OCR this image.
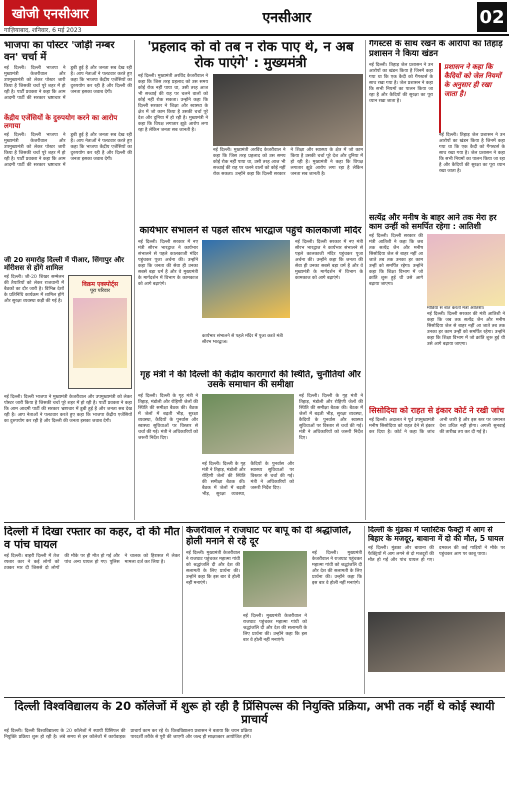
खोजी एनसीआर
गाज़ियाबाद, शनिवार, 6 मई 2023
एनसीआर	02
भाजपा का पोस्टर 'जोड़ी नम्बर वन' चर्चा में
नई दिल्ली। दिल्ली भाजपा ने मुख्यमंत्री केजरीवाल और उपमुख्यमंत्री को लेकर पोस्टर जारी किया है जिसकी चर्चा पूरे शहर में हो रही है। पार्टी प्रवक्ता ने कहा कि आम आदमी पार्टी की सरकार भ्रष्टाचार में डूबी हुई है और जनता सब देख रही है। आप नेताओं ने पलटवार करते हुए कहा कि भाजपा केंद्रीय एजेंसियों का दुरुपयोग कर रही है और दिल्ली की जनता इसका जवाब देगी।
केंद्रीय एजेंसियों के दुरुपयोग करने का आरोप लगाया
नई दिल्ली। दिल्ली भाजपा ने मुख्यमंत्री केजरीवाल और उपमुख्यमंत्री को लेकर पोस्टर जारी किया है जिसकी चर्चा पूरे शहर में हो रही है। पार्टी प्रवक्ता ने कहा कि आम आदमी पार्टी की सरकार भ्रष्टाचार में डूबी हुई है और जनता सब देख रही है। आप नेताओं ने पलटवार करते हुए कहा कि भाजपा केंद्रीय एजेंसियों का दुरुपयोग कर रही है और दिल्ली की जनता इसका जवाब देगी।
जी 20 समारोह दिल्ली में पीआर, सिंगापुर और मॉरीशस से होंगे शामिल
नई दिल्ली। जी-20 शिखर सम्मेलन की तैयारियों को लेकर राजधानी में बैठकों का दौर जारी है। विभिन्न देशों के प्रतिनिधि कार्यक्रम में शामिल होंगे और सुरक्षा व्यवस्था कड़ी की गई है।
विक्रम एक्स्पोर्ट्स
पूरा परिवार
नई दिल्ली। दिल्ली भाजपा ने मुख्यमंत्री केजरीवाल और उपमुख्यमंत्री को लेकर पोस्टर जारी किया है जिसकी चर्चा पूरे शहर में हो रही है। पार्टी प्रवक्ता ने कहा कि आम आदमी पार्टी की सरकार भ्रष्टाचार में डूबी हुई है और जनता सब देख रही है। आप नेताओं ने पलटवार करते हुए कहा कि भाजपा केंद्रीय एजेंसियों का दुरुपयोग कर रही है और दिल्ली की जनता इसका जवाब देगी।
'प्रहलाद को वो तब न रोक पाए थे, न अब रोक पाएंगे' : मुख्यमंत्री
नई दिल्ली। मुख्यमंत्री अरविंद केजरीवाल ने कहा कि जिस तरह प्रहलाद को उस समय कोई रोक नहीं पाया था, उसी तरह आज भी सच्चाई की राह पर चलने वालों को कोई नहीं रोक सकता। उन्होंने कहा कि दिल्ली सरकार ने शिक्षा और स्वास्थ्य के क्षेत्र में जो काम किया है उसकी चर्चा पूरे देश और दुनिया में हो रही है। मुख्यमंत्री ने कहा कि विपक्ष लगातार झूठे आरोप लगा रहा है लेकिन जनता सब जानती है।
नई दिल्ली। मुख्यमंत्री अरविंद केजरीवाल ने कहा कि जिस तरह प्रहलाद को उस समय कोई रोक नहीं पाया था, उसी तरह आज भी सच्चाई की राह पर चलने वालों को कोई नहीं रोक सकता। उन्होंने कहा कि दिल्ली सरकार ने शिक्षा और स्वास्थ्य के क्षेत्र में जो काम किया है उसकी चर्चा पूरे देश और दुनिया में हो रही है। मुख्यमंत्री ने कहा कि विपक्ष लगातार झूठे आरोप लगा रहा है लेकिन जनता सब जानती है।
कार्यभार संभालने से पहले सौरभ भारद्वाज पहुंचे कालकाजी मंदिर
नई दिल्ली। दिल्ली सरकार में नए मंत्री सौरभ भारद्वाज ने कार्यभार संभालने से पहले कालकाजी मंदिर पहुंचकर पूजा अर्चना की। उन्होंने कहा कि जनता की सेवा ही उनका सबसे बड़ा धर्म है और वे मुख्यमंत्री के मार्गदर्शन में विभाग के कामकाज को आगे बढ़ाएंगे।
नई दिल्ली। दिल्ली सरकार में नए मंत्री सौरभ भारद्वाज ने कार्यभार संभालने से पहले कालकाजी मंदिर पहुंचकर पूजा अर्चना की। उन्होंने कहा कि जनता की सेवा ही उनका सबसे बड़ा धर्म है और वे मुख्यमंत्री के मार्गदर्शन में विभाग के कामकाज को आगे बढ़ाएंगे।
कार्यभार संभालने से पहले मंदिर में पूजा करते मंत्री सौरभ भारद्वाज।
गृह मंत्री ने की दिल्ली की केंद्रीय कारागारों की स्थिति, चुनौतियों और उसके समाधान की समीक्षा
नई दिल्ली। दिल्ली के गृह मंत्री ने तिहाड़, मंडोली और रोहिणी जेलों की स्थिति की समीक्षा बैठक की। बैठक में जेलों में बढ़ती भीड़, सुरक्षा व्यवस्था, कैदियों के पुनर्वास और स्वास्थ्य सुविधाओं पर विस्तार से चर्चा की गई। मंत्री ने अधिकारियों को जरूरी निर्देश दिए।
नई दिल्ली। दिल्ली के गृह मंत्री ने तिहाड़, मंडोली और रोहिणी जेलों की स्थिति की समीक्षा बैठक की। बैठक में जेलों में बढ़ती भीड़, सुरक्षा व्यवस्था, कैदियों के पुनर्वास और स्वास्थ्य सुविधाओं पर विस्तार से चर्चा की गई। मंत्री ने अधिकारियों को जरूरी निर्देश दिए।
नई दिल्ली। दिल्ली के गृह मंत्री ने तिहाड़, मंडोली और रोहिणी जेलों की स्थिति की समीक्षा बैठक की। बैठक में जेलों में बढ़ती भीड़, सुरक्षा व्यवस्था, कैदियों के पुनर्वास और स्वास्थ्य सुविधाओं पर विस्तार से चर्चा की गई। मंत्री ने अधिकारियों को जरूरी निर्देश दिए।
गैंगस्टर्स के साथ रखने के आरोपों का तिहाड़ प्रशासन ने किया खंडन
नई दिल्ली। तिहाड़ जेल प्रशासन ने उन आरोपों का खंडन किया है जिनमें कहा गया था कि एक कैदी को गैंगस्टर्स के साथ रखा गया है। जेल प्रशासन ने कहा कि सभी नियमों का पालन किया जा रहा है और कैदियों की सुरक्षा का पूरा ध्यान रखा जाता है।
प्रशासन ने कहा कि कैदियों को जेल नियमों के अनुसार ही रखा जाता है।
नई दिल्ली। तिहाड़ जेल प्रशासन ने उन आरोपों का खंडन किया है जिनमें कहा गया था कि एक कैदी को गैंगस्टर्स के साथ रखा गया है। जेल प्रशासन ने कहा कि सभी नियमों का पालन किया जा रहा है और कैदियों की सुरक्षा का पूरा ध्यान रखा जाता है।
सत्येंद्र और मनीष के बाहर आने तक मेरा हर काम उन्हीं को समर्पित रहेगा : आतिशी
नई दिल्ली। दिल्ली सरकार की मंत्री आतिशी ने कहा कि जब तक सत्येंद्र जैन और मनीष सिसोदिया जेल से बाहर नहीं आ जाते तब तक उनका हर काम उन्हीं को समर्पित रहेगा। उन्होंने कहा कि शिक्षा विभाग में जो क्रांति शुरू हुई थी उसे आगे बढ़ाया जाएगा।
मीडिया से बात करतीं मंत्री आतिशी।
नई दिल्ली। दिल्ली सरकार की मंत्री आतिशी ने कहा कि जब तक सत्येंद्र जैन और मनीष सिसोदिया जेल से बाहर नहीं आ जाते तब तक उनका हर काम उन्हीं को समर्पित रहेगा। उन्होंने कहा कि शिक्षा विभाग में जो क्रांति शुरू हुई थी उसे आगे बढ़ाया जाएगा।
सिसोदिया को राहत से इंकार कोर्ट ने रखी जांच
नई दिल्ली। अदालत ने पूर्व उपमुख्यमंत्री मनीष सिसोदिया को राहत देने से इंकार कर दिया है। कोर्ट ने कहा कि जांच अभी जारी है और इस स्तर पर जमानत देना उचित नहीं होगा। अगली सुनवाई की तारीख तय कर दी गई है।
दिल्ली में दिखा रफ्तार का कहर, दो की मौत व पांच घायल
नई दिल्ली। बाहरी दिल्ली में तेज रफ्तार कार ने कई लोगों को टक्कर मार दी जिससे दो लोगों की मौके पर ही मौत हो गई और पांच अन्य घायल हो गए। पुलिस ने चालक को हिरासत में लेकर मामला दर्ज कर लिया है।
केजरीवाल ने राजघाट पर बापू को दी श्रद्धांजलि, होली मनाने से रहे दूर
नई दिल्ली। मुख्यमंत्री केजरीवाल ने राजघाट पहुंचकर महात्मा गांधी को श्रद्धांजलि दी और देश की सलामती के लिए प्रार्थना की। उन्होंने कहा कि इस बार वे होली नहीं मनाएंगे।
नई दिल्ली। मुख्यमंत्री केजरीवाल ने राजघाट पहुंचकर महात्मा गांधी को श्रद्धांजलि दी और देश की सलामती के लिए प्रार्थना की। उन्होंने कहा कि इस बार वे होली नहीं मनाएंगे।
नई दिल्ली। मुख्यमंत्री केजरीवाल ने राजघाट पहुंचकर महात्मा गांधी को श्रद्धांजलि दी और देश की सलामती के लिए प्रार्थना की। उन्होंने कहा कि इस बार वे होली नहीं मनाएंगे।
दिल्ली के मुंडका में प्लास्टिक फैक्ट्री में आग से बिहार के मजदूर, बावाना में दो की मौत, 5 घायल
नई दिल्ली। मुंडका और बावाना की फैक्ट्रियों में आग लगने से दो मजदूरों की मौत हो गई और पांच घायल हो गए। दमकल की कई गाड़ियों ने मौके पर पहुंचकर आग पर काबू पाया।
दिल्ली विश्वविद्यालय के 20 कॉलेजों में शुरू हो रही है प्रिंसिपल्स की नियुक्ति प्रक्रिया, अभी तक नहीं थे कोई स्थायी प्राचार्य
नई दिल्ली। दिल्ली विश्वविद्यालय के 20 कॉलेजों में स्थायी प्रिंसिपल की नियुक्ति प्रक्रिया शुरू हो रही है। लंबे समय से इन कॉलेजों में कार्यवाहक प्राचार्य काम कर रहे थे। विश्वविद्यालय प्रशासन ने बताया कि चयन प्रक्रिया पारदर्शी तरीके से पूरी की जाएगी और जल्द ही साक्षात्कार आयोजित होंगे।
